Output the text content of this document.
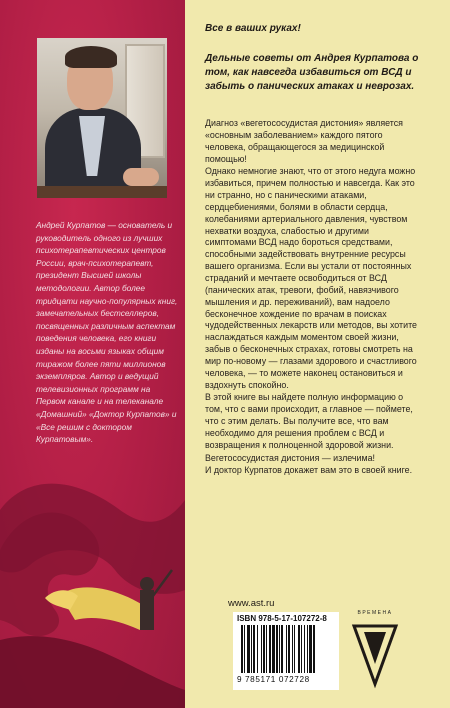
Андрей Курпатов — основатель и руководитель одного из лучших психотерапевтических центров России, врач-психотерапевт, президент Высшей школы методологии. Автор более тридцати научно-популярных книг, замечательных бестселлеров, посвященных различным аспектам поведения человека, его книги изданы на восьми языках общим тиражом более пяти миллионов экземпляров. Автор и ведущий телевизионных программ на Первом канале и на телеканале «Домашний» «Доктор Курпатов» и «Все решим с доктором Курпатовым».

Все в ваших руках!

Дельные советы от Андрея Курпатова о том, как навсегда избавиться от ВСД и забыть о панических атаках и неврозах.

Диагноз «вегетососудистая дистония» является «основным заболеванием» каждого пятого человека, обращающегося за медицинской помощью!

Однако немногие знают, что от этого недуга можно избавиться, причем полностью и навсегда. Как это ни странно, но с паническими атаками, сердцебиениями, болями в области сердца, колебаниями артериального давления, чувством нехватки воздуха, слабостью и другими симптомами ВСД надо бороться средствами, способными задействовать внутренние ресурсы вашего организма. Если вы устали от постоянных страданий и мечтаете освободиться от ВСД (панических атак, тревоги, фобий, навязчивого мышления и др. переживаний), вам надоело бесконечное хождение по врачам в поисках чудодейственных лекарств или методов, вы хотите наслаждаться каждым моментом своей жизни, забыв о бесконечных страхах, готовы смотреть на мир по-новому — глазами здорового и счастливого человека, — то можете наконец остановиться и вздохнуть спокойно.

В этой книге вы найдете полную информацию о том, что с вами происходит, а главное — поймете, что с этим делать. Вы получите все, что вам необходимо для решения проблем с ВСД и возвращения к полноценной здоровой жизни.

Вегетососудистая дистония — излечима!

И доктор Курпатов докажет вам это в своей книге.

www.ast.ru
ISBN 978-5-17-107272-8
9 785171 072728
ВРЕМЕНА
